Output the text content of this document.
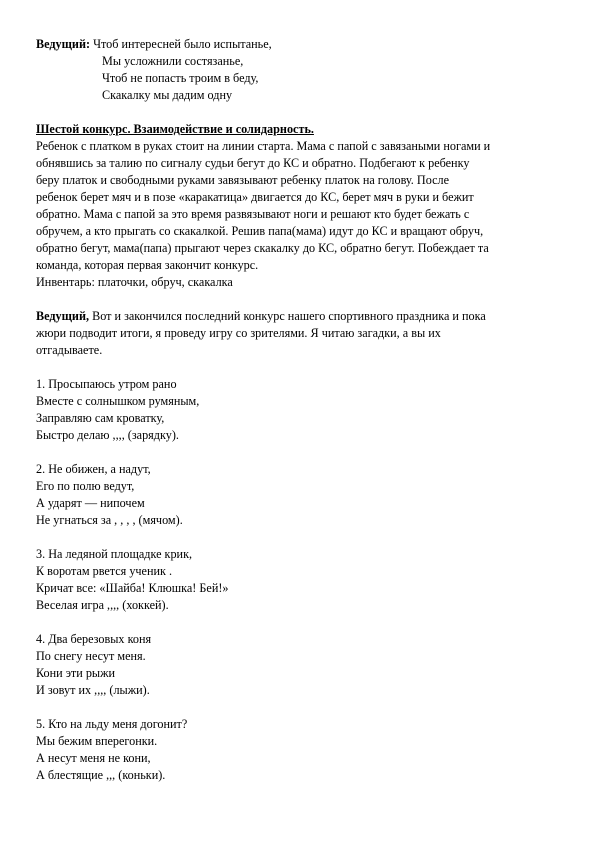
Ведущий: Чтоб интересней было испытанье,

Мы усложнили состязанье,

Чтоб не попасть троим в беду,

Скакалку мы дадим одну

Шестой конкурс. Взаимодействие и солидарность.

Ребенок с платком в руках стоит на линии старта. Мама с папой с завязаными ногами и

обнявшись за талию по сигналу судьи бегут до КС и обратно. Подбегают к ребенку

беру платок и свободными руками завязывают ребенку платок на голову. После

ребенок берет мяч и в позе «каракатица» двигается до КС, берет мяч в руки и бежит

обратно. Мама с папой за это время развязывают ноги и решают кто будет бежать с

обручем, а кто прыгать со скакалкой. Решив папа(мама) идут до КС и вращают обруч,

обратно бегут, мама(папа) прыгают через скакалку до КС, обратно бегут. Побеждает та

команда, которая первая закончит конкурс.

Инвентарь: платочки, обруч, скакалка

Ведущий, Вот и закончился последний конкурс нашего спортивного праздника и пока

жюри подводит итоги, я проведу игру со зрителями. Я читаю загадки, а вы их

отгадываете.

1. Просыпаюсь утром рано

Вместе с солнышком румяным,

Заправляю сам кроватку,

Быстро делаю ,,,, (зарядку).

2. Не обижен, а надут,

Его по полю ведут,

А ударят — нипочем

Не угнаться за , , , , (мячом).

3. На ледяной площадке крик,

К воротам рвется ученик .

Кричат все: «Шайба! Клюшка! Бей!»

Веселая игра ,,,, (хоккей).

4. Два березовых коня

По снегу несут меня.

Кони эти рыжи

И зовут их ,,,, (лыжи).

5. Кто на льду меня догонит?

Мы бежим вперегонки.

А несут меня не кони,

А блестящие ,,, (коньки).
